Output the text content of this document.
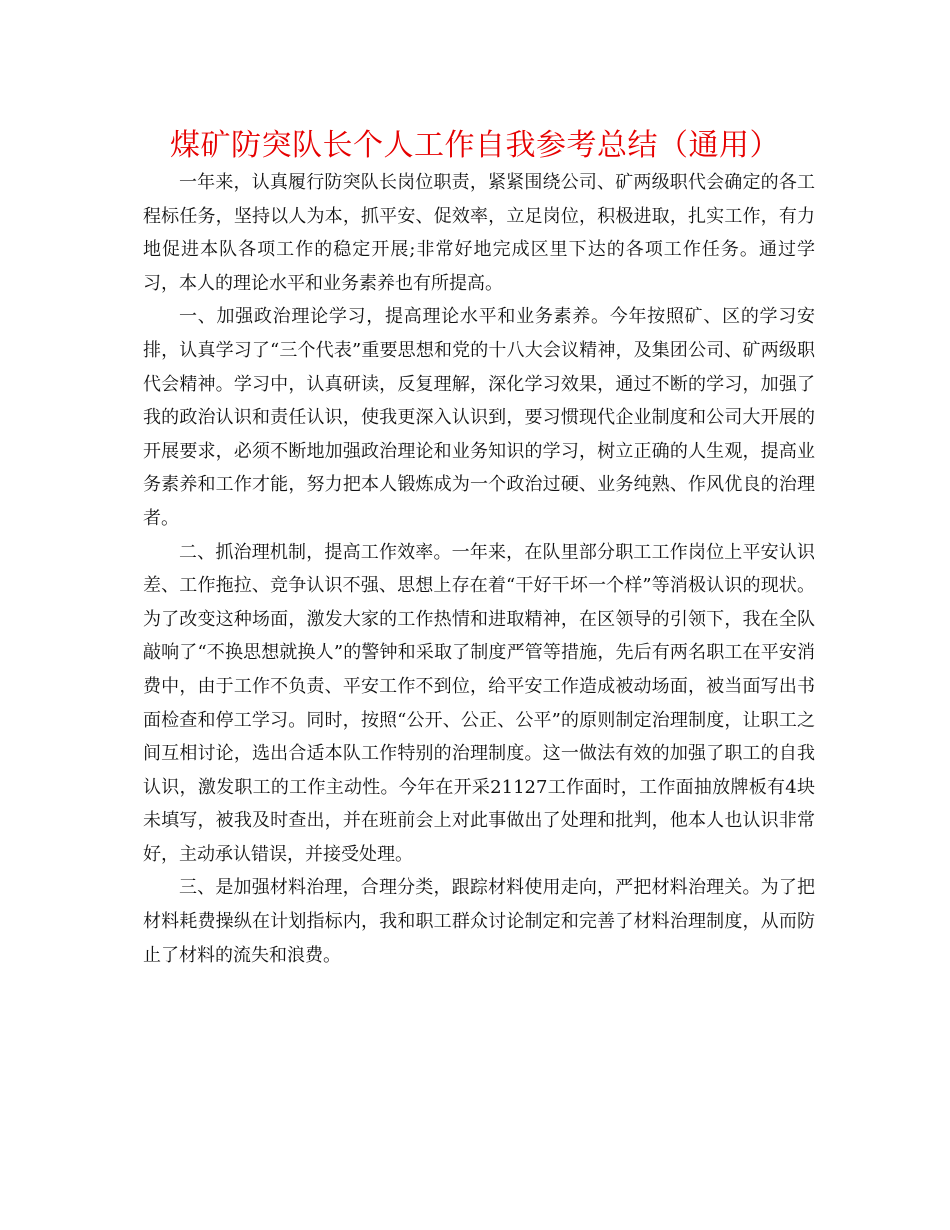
煤矿防突队长个人工作自我参考总结（通用）

一年来，认真履行防突队长岗位职责，紧紧围绕公司、矿两级职代会确定的各工程标任务，坚持以人为本，抓平安、促效率，立足岗位，积极进取，扎实工作，有力地促进本队各项工作的稳定开展;非常好地完成区里下达的各项工作任务。通过学习，本人的理论水平和业务素养也有所提高。

一、加强政治理论学习，提高理论水平和业务素养。今年按照矿、区的学习安排，认真学习了“三个代表”重要思想和党的十八大会议精神，及集团公司、矿两级职代会精神。学习中，认真研读，反复理解，深化学习效果，通过不断的学习，加强了我的政治认识和责任认识，使我更深入认识到，要习惯现代企业制度和公司大开展的开展要求，必须不断地加强政治理论和业务知识的学习，树立正确的人生观，提高业务素养和工作才能，努力把本人锻炼成为一个政治过硬、业务纯熟、作风优良的治理者。

二、抓治理机制，提高工作效率。一年来，在队里部分职工工作岗位上平安认识差、工作拖拉、竞争认识不强、思想上存在着“干好干坏一个样”等消极认识的现状。为了改变这种场面，激发大家的工作热情和进取精神，在区领导的引领下，我在全队敲响了“不换思想就换人”的警钟和采取了制度严管等措施，先后有两名职工在平安消费中，由于工作不负责、平安工作不到位，给平安工作造成被动场面，被当面写出书面检查和停工学习。同时，按照“公开、公正、公平”的原则制定治理制度，让职工之间互相讨论，选出合适本队工作特别的治理制度。这一做法有效的加强了职工的自我认识，激发职工的工作主动性。今年在开采21127工作面时，工作面抽放牌板有4块未填写，被我及时查出，并在班前会上对此事做出了处理和批判，他本人也认识非常好，主动承认错误，并接受处理。

三、是加强材料治理，合理分类，跟踪材料使用走向，严把材料治理关。为了把材料耗费操纵在计划指标内，我和职工群众讨论制定和完善了材料治理制度，从而防止了材料的流失和浪费。
